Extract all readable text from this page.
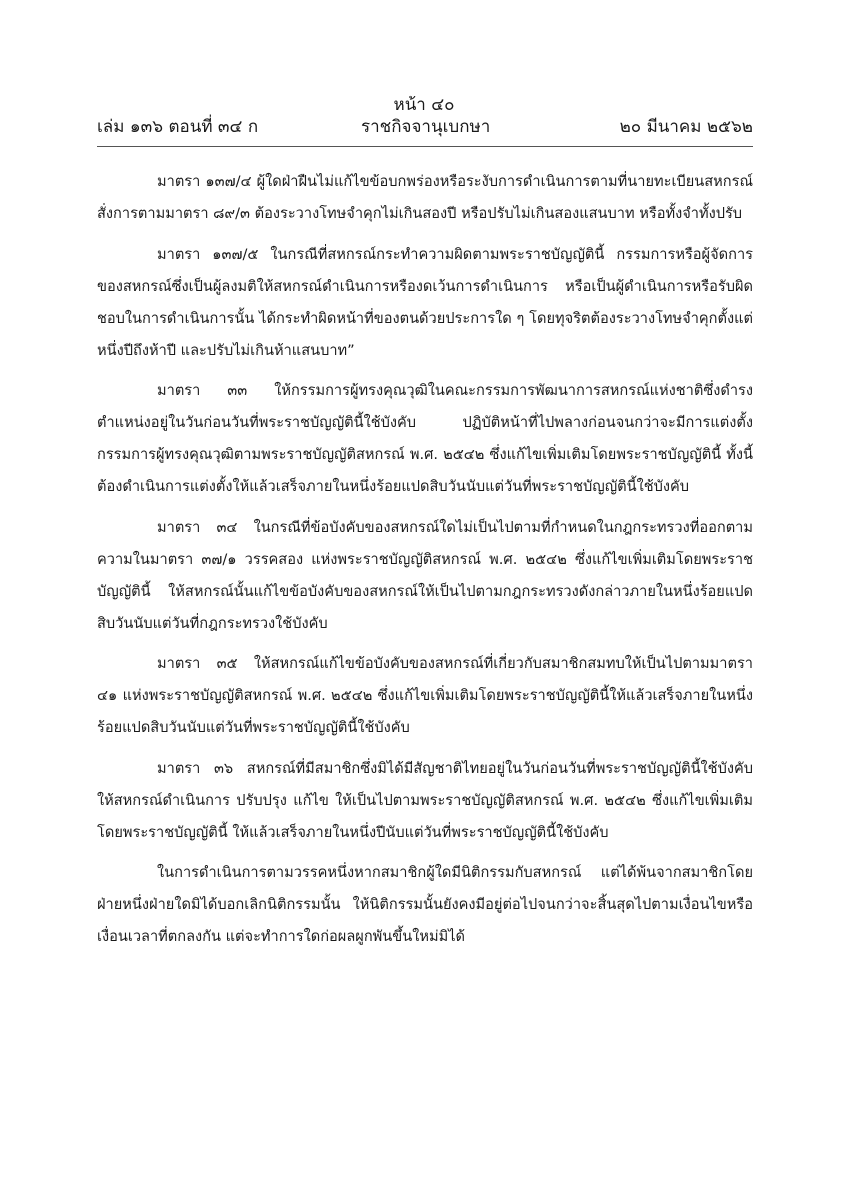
หน้า ๔๐
เล่ม ๑๓๖ ตอนที่ ๓๔ ก	ราชกิจจานุเบกษา	๒๐ มีนาคม ๒๕๖๒

มาตรา ๑๓๗/๔ ผู้ใดฝ่าฝืนไม่แก้ไขข้อบกพร่องหรือระงับการดำเนินการตามที่นายทะเบียนสหกรณ์สั่งการตามมาตรา ๘๙/๓ ต้องระวางโทษจำคุกไม่เกินสองปี หรือปรับไม่เกินสองแสนบาท หรือทั้งจำทั้งปรับ

มาตรา ๑๓๗/๕ ในกรณีที่สหกรณ์กระทำความผิดตามพระราชบัญญัตินี้ กรรมการหรือผู้จัดการของสหกรณ์ซึ่งเป็นผู้ลงมติให้สหกรณ์ดำเนินการหรืองดเว้นการดำเนินการ หรือเป็นผู้ดำเนินการหรือรับผิดชอบในการดำเนินการนั้น ได้กระทำผิดหน้าที่ของตนด้วยประการใด ๆ โดยทุจริตต้องระวางโทษจำคุกตั้งแต่หนึ่งปีถึงห้าปี และปรับไม่เกินห้าแสนบาท”

มาตรา ๓๓ ให้กรรมการผู้ทรงคุณวุฒิในคณะกรรมการพัฒนาการสหกรณ์แห่งชาติซึ่งดำรงตำแหน่งอยู่ในวันก่อนวันที่พระราชบัญญัตินี้ใช้บังคับ ปฏิบัติหน้าที่ไปพลางก่อนจนกว่าจะมีการแต่งตั้งกรรมการผู้ทรงคุณวุฒิตามพระราชบัญญัติสหกรณ์ พ.ศ. ๒๕๔๒ ซึ่งแก้ไขเพิ่มเติมโดยพระราชบัญญัตินี้ ทั้งนี้ ต้องดำเนินการแต่งตั้งให้แล้วเสร็จภายในหนึ่งร้อยแปดสิบวันนับแต่วันที่พระราชบัญญัตินี้ใช้บังคับ

มาตรา ๓๔ ในกรณีที่ข้อบังคับของสหกรณ์ใดไม่เป็นไปตามที่กำหนดในกฎกระทรวงที่ออกตามความในมาตรา ๓๗/๑ วรรคสอง แห่งพระราชบัญญัติสหกรณ์ พ.ศ. ๒๕๔๒ ซึ่งแก้ไขเพิ่มเติมโดยพระราชบัญญัตินี้ ให้สหกรณ์นั้นแก้ไขข้อบังคับของสหกรณ์ให้เป็นไปตามกฎกระทรวงดังกล่าวภายในหนึ่งร้อยแปดสิบวันนับแต่วันที่กฎกระทรวงใช้บังคับ

มาตรา ๓๕ ให้สหกรณ์แก้ไขข้อบังคับของสหกรณ์ที่เกี่ยวกับสมาชิกสมทบให้เป็นไปตามมาตรา ๔๑ แห่งพระราชบัญญัติสหกรณ์ พ.ศ. ๒๕๔๒ ซึ่งแก้ไขเพิ่มเติมโดยพระราชบัญญัตินี้ให้แล้วเสร็จภายในหนึ่งร้อยแปดสิบวันนับแต่วันที่พระราชบัญญัตินี้ใช้บังคับ

มาตรา ๓๖ สหกรณ์ที่มีสมาชิกซึ่งมิได้มีสัญชาติไทยอยู่ในวันก่อนวันที่พระราชบัญญัตินี้ใช้บังคับ ให้สหกรณ์ดำเนินการ ปรับปรุง แก้ไข ให้เป็นไปตามพระราชบัญญัติสหกรณ์ พ.ศ. ๒๕๔๒ ซึ่งแก้ไขเพิ่มเติมโดยพระราชบัญญัตินี้ ให้แล้วเสร็จภายในหนึ่งปีนับแต่วันที่พระราชบัญญัตินี้ใช้บังคับ

ในการดำเนินการตามวรรคหนึ่งหากสมาชิกผู้ใดมีนิติกรรมกับสหกรณ์ แต่ได้พ้นจากสมาชิกโดยฝ่ายหนึ่งฝ่ายใดมิได้บอกเลิกนิติกรรมนั้น ให้นิติกรรมนั้นยังคงมีอยู่ต่อไปจนกว่าจะสิ้นสุดไปตามเงื่อนไขหรือเงื่อนเวลาที่ตกลงกัน แต่จะทำการใดก่อผลผูกพันขึ้นใหม่มิได้
